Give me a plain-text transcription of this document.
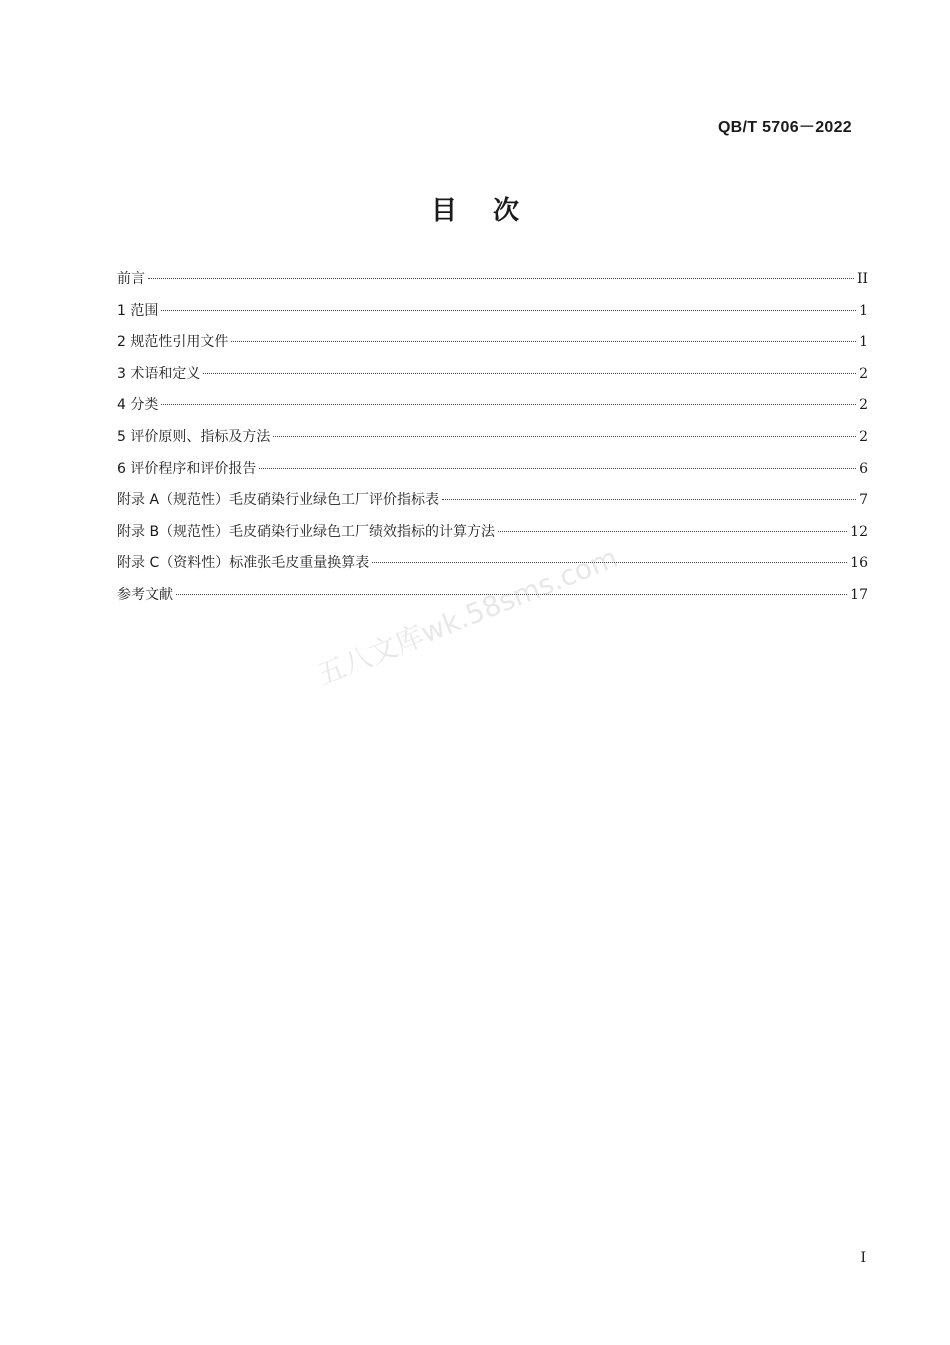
QB/T 5706－2022
目次
前言	II
1 范围	1
2 规范性引用文件	1
3 术语和定义	2
4 分类	2
5 评价原则、指标及方法	2
6 评价程序和评价报告	6
附录 A（规范性）毛皮硝染行业绿色工厂评价指标表	7
附录 B（规范性）毛皮硝染行业绿色工厂绩效指标的计算方法	12
附录 C（资料性）标准张毛皮重量换算表	16
参考文献	17
五八文库wk.58sms.com
I
